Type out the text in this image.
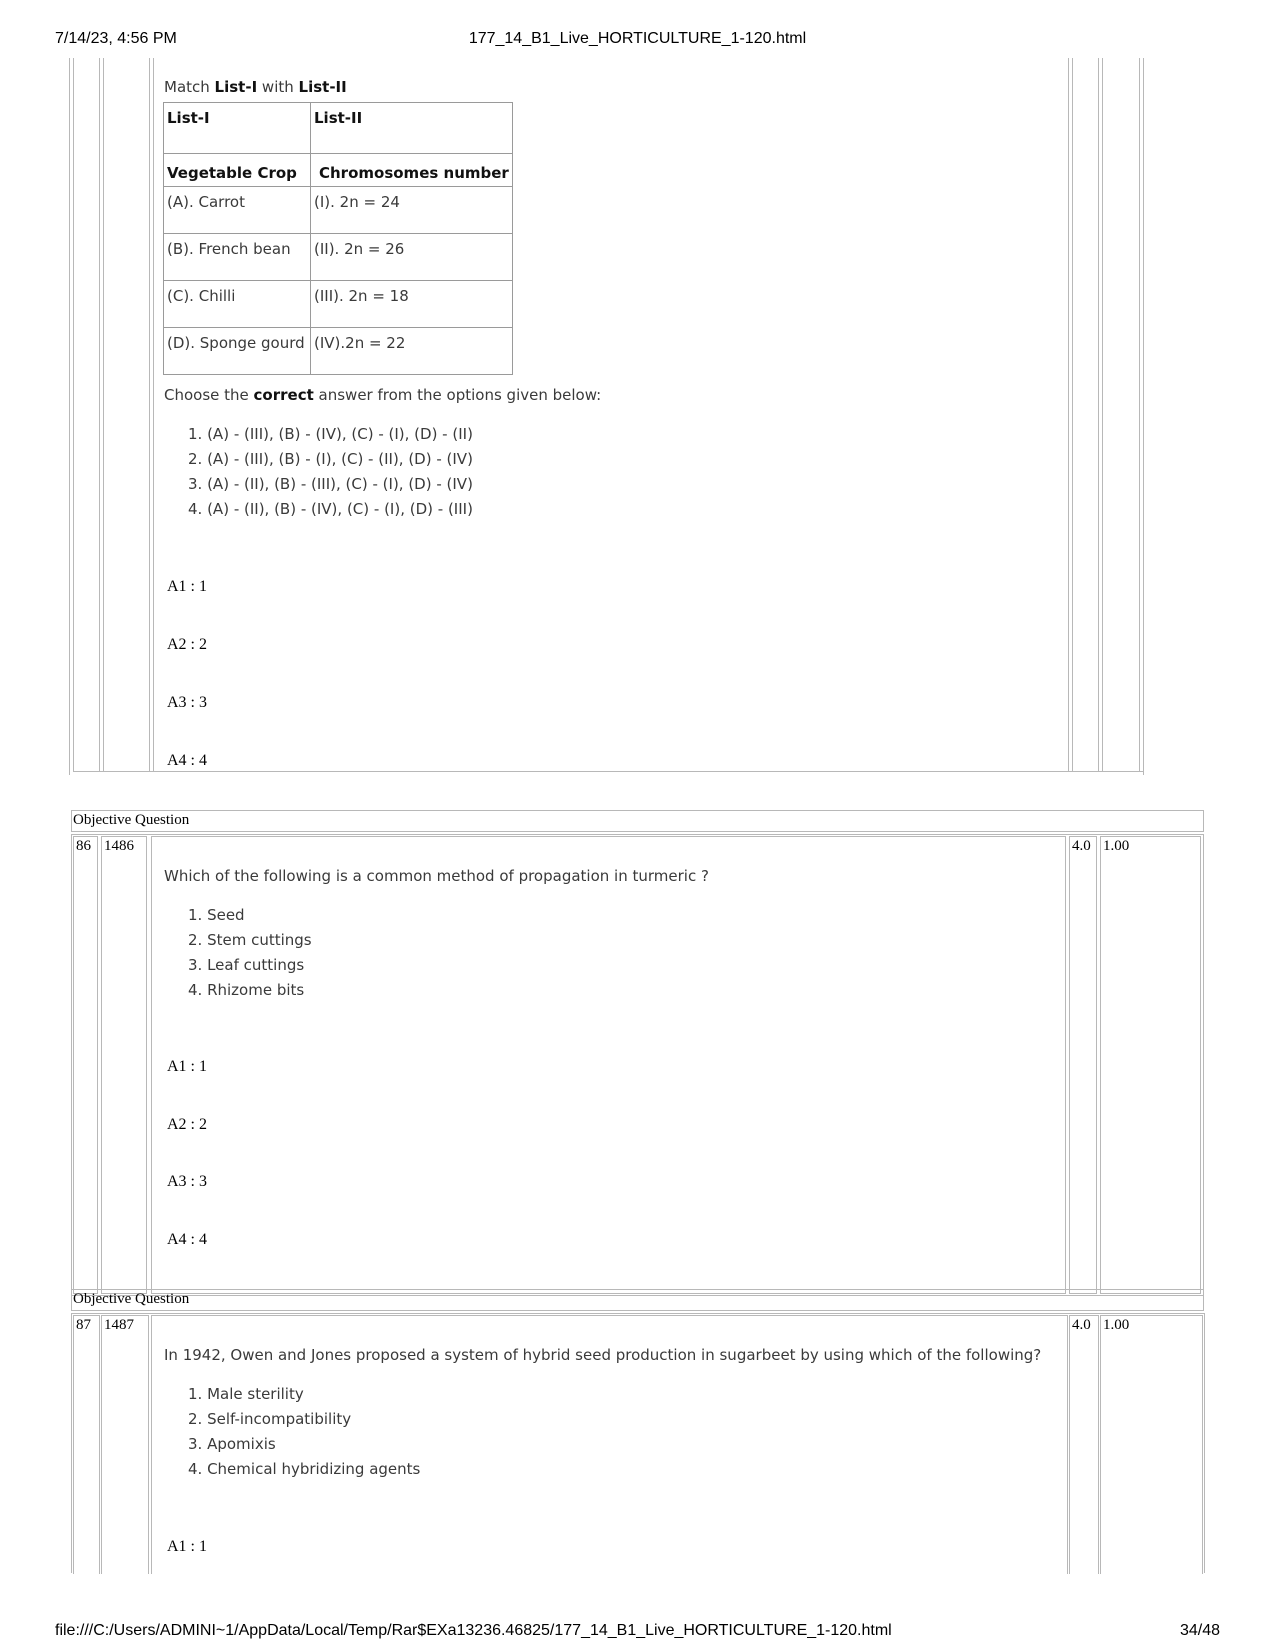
7/14/23, 4:56 PM	177_14_B1_Live_HORTICULTURE_1-120.html
Match List-I with List-II
List-I	List-II
Vegetable Crop	Chromosomes number
(A). Carrot	(I). 2n = 24
(B). French bean	(II). 2n = 26
(C). Chilli	(III). 2n = 18
(D). Sponge gourd	(IV).2n = 22
Choose the correct answer from the options given below:
1. (A) - (III), (B) - (IV), (C) - (I), (D) - (II)
2. (A) - (III), (B) - (I), (C) - (II), (D) - (IV)
3. (A) - (II), (B) - (III), (C) - (I), (D) - (IV)
4. (A) - (II), (B) - (IV), (C) - (I), (D) - (III)
A1 : 1
A2 : 2
A3 : 3
A4 : 4
Objective Question
86 1486	4.0 1.00
Which of the following is a common method of propagation in turmeric ?
1. Seed
2. Stem cuttings
3. Leaf cuttings
4. Rhizome bits
A1 : 1
A2 : 2
A3 : 3
A4 : 4
Objective Question
87 1487	4.0 1.00
In 1942, Owen and Jones proposed a system of hybrid seed production in sugarbeet by using which of the following?
1. Male sterility
2. Self-incompatibility
3. Apomixis
4. Chemical hybridizing agents
A1 : 1
file:///C:/Users/ADMINI~1/AppData/Local/Temp/Rar$EXa13236.46825/177_14_B1_Live_HORTICULTURE_1-120.html	34/48
